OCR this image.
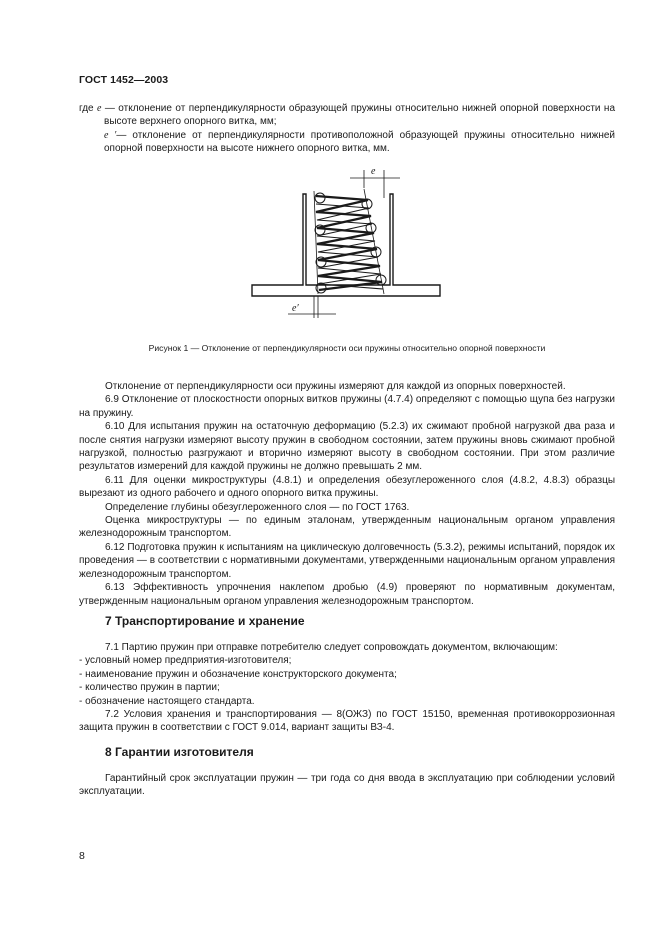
ГОСТ 1452—2003

где e — отклонение от перпендикулярности образующей пружины относительно нижней опорной поверхности на высоте верхнего опорного витка, мм;

e ′— отклонение от перпендикулярности противоположной образующей пружины относительно нижней опорной поверхности на высоте нижнего опорного витка, мм.

e
e′
Рисунок 1 — Отклонение от перпендикулярности оси пружины относительно опорной поверхности

Отклонение от перпендикулярности оси пружины измеряют для каждой из опорных поверхностей.

6.9 Отклонение от плоскостности опорных витков пружины (4.7.4) определяют с помощью щупа без нагрузки на пружину.

6.10 Для испытания пружин на остаточную деформацию (5.2.3) их сжимают пробной нагрузкой два раза и после снятия нагрузки измеряют высоту пружин в свободном состоянии, затем пружины вновь сжимают пробной нагрузкой, полностью разгружают и вторично измеряют высоту в свободном состоянии. При этом различие результатов измерений для каждой пружины не должно превышать 2 мм.

6.11 Для оценки микроструктуры (4.8.1) и определения обезуглероженного слоя (4.8.2, 4.8.3) образцы вырезают из одного рабочего и одного опорного витка пружины.

Определение глубины обезуглероженного слоя — по ГОСТ 1763.

Оценка микроструктуры — по единым эталонам, утвержденным национальным органом управления железнодорожным транспортом.

6.12 Подготовка пружин к испытаниям на циклическую долговечность (5.3.2), режимы испытаний, порядок их проведения — в соответствии с нормативными документами, утвержденными национальным органом управления железнодорожным транспортом.

6.13 Эффективность упрочнения наклепом дробью (4.9) проверяют по нормативным документам, утвержденным национальным органом управления железнодорожным транспортом.

7 Транспортирование и хранение

7.1 Партию пружин при отправке потребителю следует сопровождать документом, включающим:

- условный номер предприятия-изготовителя;

- наименование пружин и обозначение конструкторского документа;

- количество пружин в партии;

- обозначение настоящего стандарта.

7.2 Условия хранения и транспортирования — 8(ОЖЗ) по ГОСТ 15150, временная противокоррозионная защита пружин в соответствии с ГОСТ 9.014, вариант защиты ВЗ-4.

8 Гарантии изготовителя

Гарантийный срок эксплуатации пружин — три года со дня ввода в эксплуатацию при соблюдении условий эксплуатации.

8
